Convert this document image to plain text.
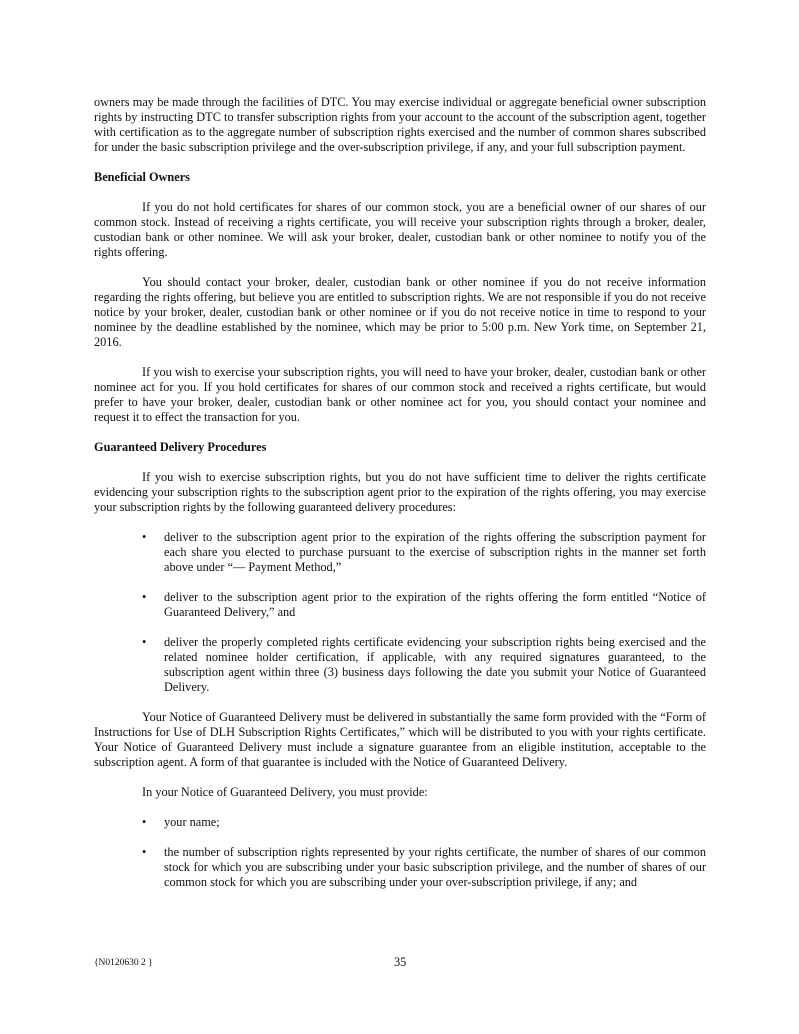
owners may be made through the facilities of DTC. You may exercise individual or aggregate beneficial owner subscription rights by instructing DTC to transfer subscription rights from your account to the account of the subscription agent, together with certification as to the aggregate number of subscription rights exercised and the number of common shares subscribed for under the basic subscription privilege and the over-subscription privilege, if any, and your full subscription payment.

Beneficial Owners

If you do not hold certificates for shares of our common stock, you are a beneficial owner of our shares of our common stock. Instead of receiving a rights certificate, you will receive your subscription rights through a broker, dealer, custodian bank or other nominee. We will ask your broker, dealer, custodian bank or other nominee to notify you of the rights offering.

You should contact your broker, dealer, custodian bank or other nominee if you do not receive information regarding the rights offering, but believe you are entitled to subscription rights. We are not responsible if you do not receive notice by your broker, dealer, custodian bank or other nominee or if you do not receive notice in time to respond to your nominee by the deadline established by the nominee, which may be prior to 5:00 p.m. New York time, on September 21, 2016.

If you wish to exercise your subscription rights, you will need to have your broker, dealer, custodian bank or other nominee act for you. If you hold certificates for shares of our common stock and received a rights certificate, but would prefer to have your broker, dealer, custodian bank or other nominee act for you, you should contact your nominee and request it to effect the transaction for you.

Guaranteed Delivery Procedures

If you wish to exercise subscription rights, but you do not have sufficient time to deliver the rights certificate evidencing your subscription rights to the subscription agent prior to the expiration of the rights offering, you may exercise your subscription rights by the following guaranteed delivery procedures:

• deliver to the subscription agent prior to the expiration of the rights offering the subscription payment for each share you elected to purchase pursuant to the exercise of subscription rights in the manner set forth above under “— Payment Method,”
• deliver to the subscription agent prior to the expiration of the rights offering the form entitled “Notice of Guaranteed Delivery,” and
• deliver the properly completed rights certificate evidencing your subscription rights being exercised and the related nominee holder certification, if applicable, with any required signatures guaranteed, to the subscription agent within three (3) business days following the date you submit your Notice of Guaranteed Delivery.

Your Notice of Guaranteed Delivery must be delivered in substantially the same form provided with the “Form of Instructions for Use of DLH Subscription Rights Certificates,” which will be distributed to you with your rights certificate. Your Notice of Guaranteed Delivery must include a signature guarantee from an eligible institution, acceptable to the subscription agent. A form of that guarantee is included with the Notice of Guaranteed Delivery.

In your Notice of Guaranteed Delivery, you must provide:

• your name;
• the number of subscription rights represented by your rights certificate, the number of shares of our common stock for which you are subscribing under your basic subscription privilege, and the number of shares of our common stock for which you are subscribing under your over-subscription privilege, if any; and
{N0120630 2 }	35
